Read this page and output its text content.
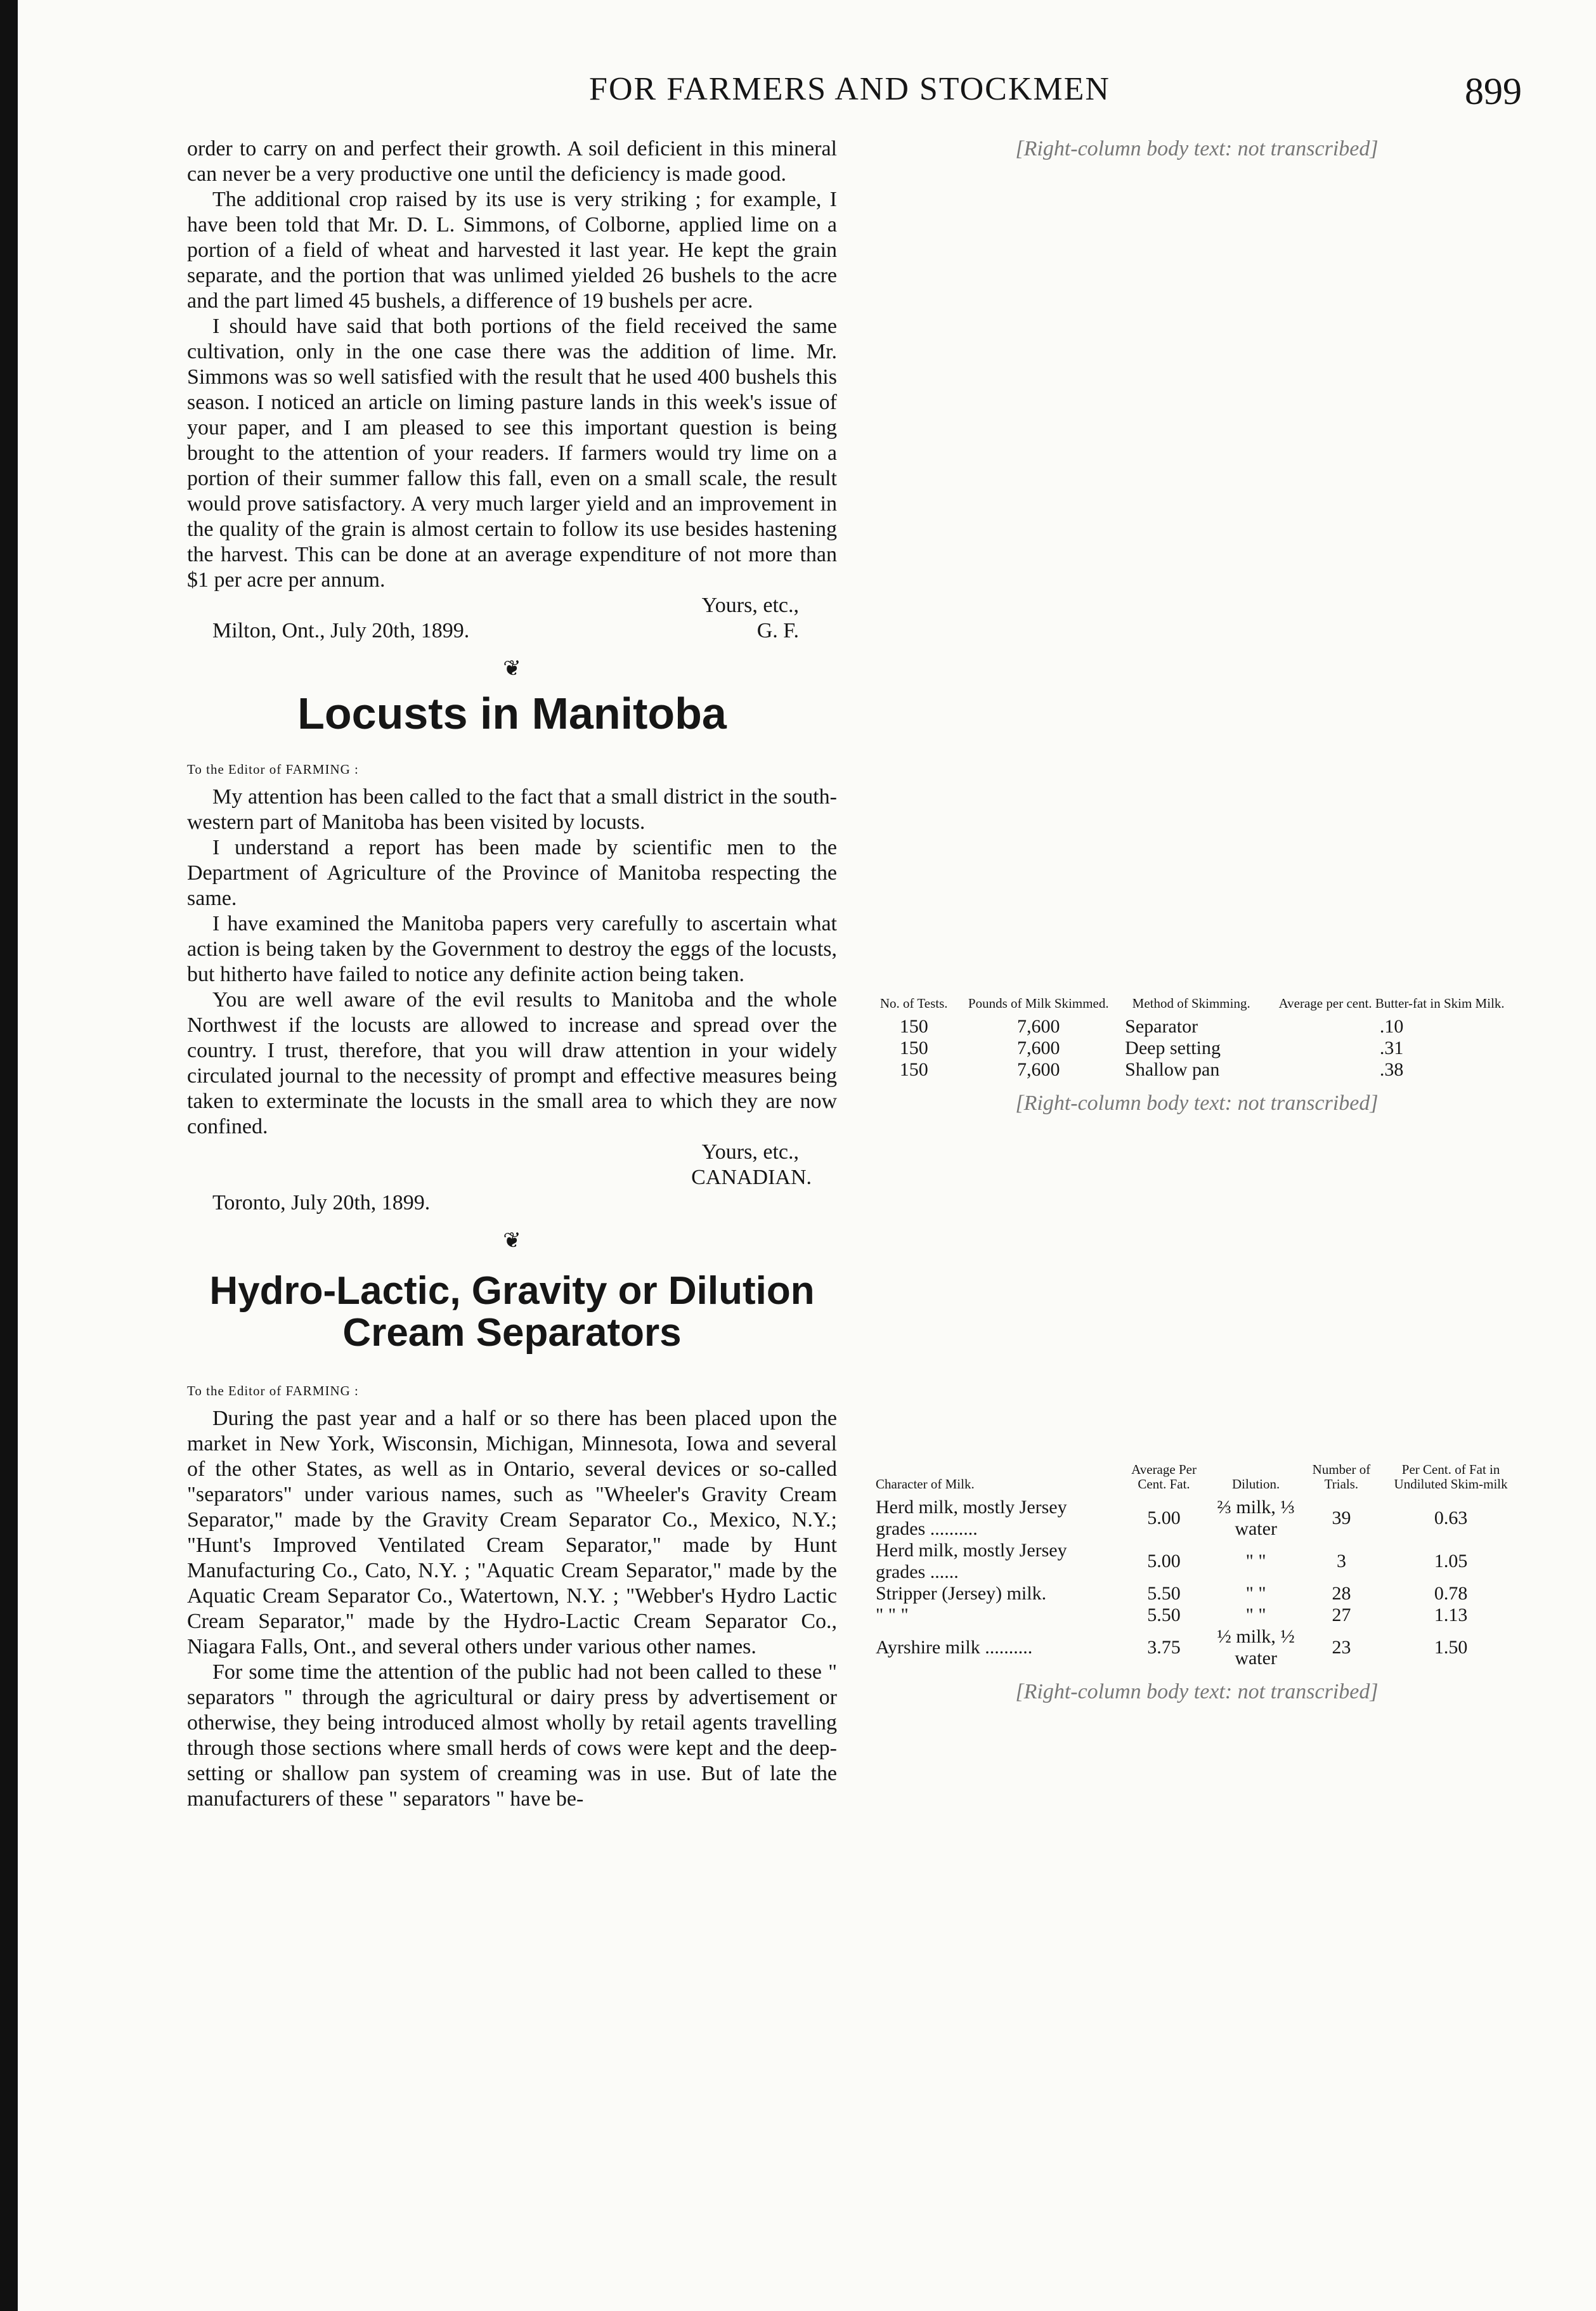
FOR FARMERS AND STOCKMEN	899

order to carry on and perfect their growth. A soil deficient in this mineral can never be a very productive one until the deficiency is made good.

The additional crop raised by its use is very striking ; for example, I have been told that Mr. D. L. Simmons, of Colborne, applied lime on a portion of a field of wheat and harvested it last year. He kept the grain separate, and the portion that was unlimed yielded 26 bushels to the acre and the part limed 45 bushels, a difference of 19 bushels per acre.

I should have said that both portions of the field received the same cultivation, only in the one case there was the addition of lime. Mr. Simmons was so well satisfied with the result that he used 400 bushels this season. I noticed an article on liming pasture lands in this week's issue of your paper, and I am pleased to see this important question is being brought to the attention of your readers. If farmers would try lime on a portion of their summer fallow this fall, even on a small scale, the result would prove satisfactory. A very much larger yield and an improvement in the quality of the grain is almost certain to follow its use besides hastening the harvest. This can be done at an average expenditure of not more than $1 per acre per annum.

Yours, etc.,

Milton, Ont., July 20th, 1899.	G. F.

❦
Locusts in Manitoba

To the Editor of FARMING :

My attention has been called to the fact that a small district in the south-western part of Manitoba has been visited by locusts.

I understand a report has been made by scientific men to the Department of Agriculture of the Province of Manitoba respecting the same.

I have examined the Manitoba papers very carefully to ascertain what action is being taken by the Government to destroy the eggs of the locusts, but hitherto have failed to notice any definite action being taken.

You are well aware of the evil results to Manitoba and the whole Northwest if the locusts are allowed to increase and spread over the country. I trust, therefore, that you will draw attention in your widely circulated journal to the necessity of prompt and effective measures being taken to exterminate the locusts in the small area to which they are now confined.

Yours, etc.,

CANADIAN.

Toronto, July 20th, 1899.

❦
Hydro-Lactic, Gravity or Dilution Cream Separators

To the Editor of FARMING :

During the past year and a half or so there has been placed upon the market in New York, Wisconsin, Michigan, Minnesota, Iowa and several of the other States, as well as in Ontario, several devices or so-called "separators" under various names, such as "Wheeler's Gravity Cream Separator," made by the Gravity Cream Separator Co., Mexico, N.Y.; "Hunt's Improved Ventilated Cream Separator," made by Hunt Manufacturing Co., Cato, N.Y. ; "Aquatic Cream Separator," made by the Aquatic Cream Separator Co., Watertown, N.Y. ; "Webber's Hydro Lactic Cream Separator," made by the Hydro-Lactic Cream Separator Co., Niagara Falls, Ont., and several others under various other names.

For some time the attention of the public had not been called to these " separators " through the agricultural or dairy press by advertisement or otherwise, they being introduced almost wholly by retail agents travelling through those sections where small herds of cows were kept and the deep-setting or shallow pan system of creaming was in use. But of late the manufacturers of these " separators " have be-

[Right-column body text: not transcribed]

No. of Tests.	Pounds of Milk Skimmed.	Method of Skimming.	Average per cent. Butter-fat in Skim Milk.
150	7,600	Separator	.10
150	7,600	Deep setting	.31
150	7,600	Shallow pan	.38

[Right-column body text: not transcribed]

Character of Milk.	Average Per Cent. Fat.	Dilution.	Number of Trials.	Per Cent. of Fat in Undiluted Skim-milk
Herd milk, mostly Jersey grades ..........	5.00	⅔ milk, ⅓ water	39	0.63
Herd milk, mostly Jersey grades ......	5.00	" "	3	1.05
Stripper (Jersey) milk.	5.50	" "	28	0.78
" " "	5.50	" "	27	1.13
Ayrshire milk ..........	3.75	½ milk, ½ water	23	1.50

[Right-column body text: not transcribed]
